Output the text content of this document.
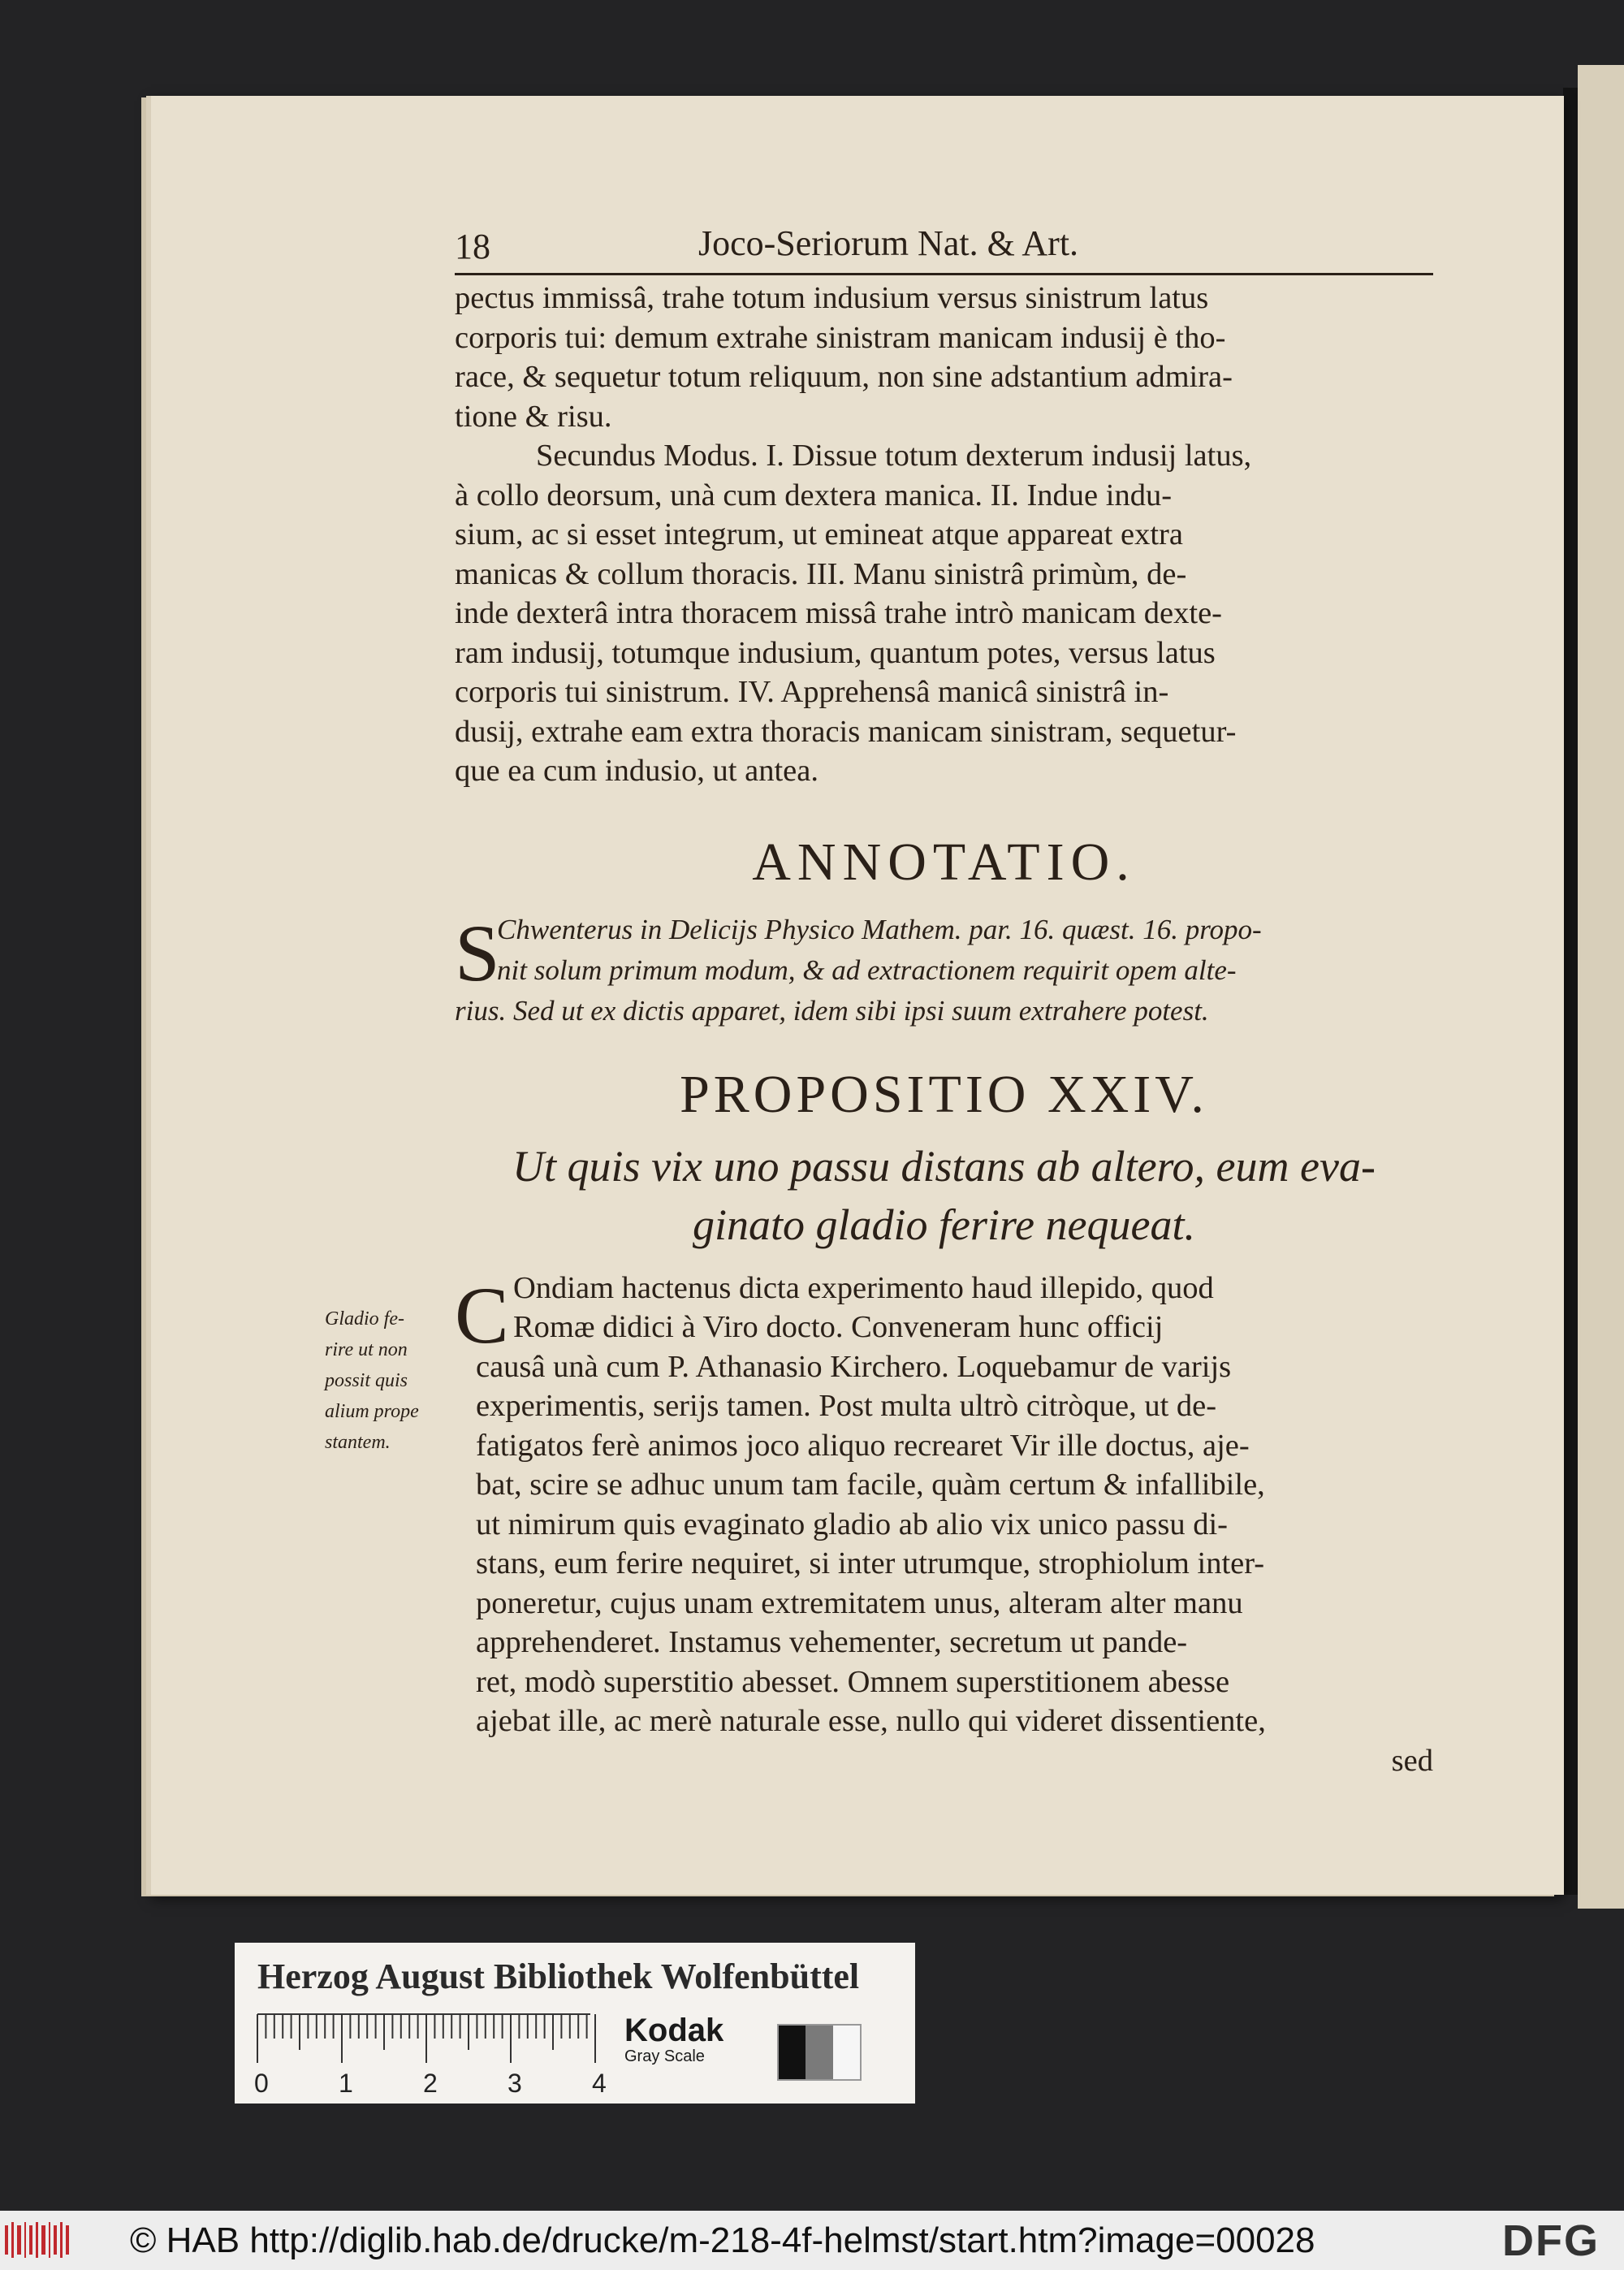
18	Joco-Seriorum Nat. & Art.

pectus immissâ, trahe totum indusium versus sinistrum latus
corporis tui: demum extrahe sinistram manicam indusij è tho-
race, & sequetur totum reliquum, non sine adstantium admira-
tione & risu.

Secundus Modus. I. Dissue totum dexterum indusij latus,
à collo deorsum, unà cum dextera manica. II. Indue indu-
sium, ac si esset integrum, ut emineat atque appareat extra
manicas & collum thoracis. III. Manu sinistrâ primùm, de-
inde dexterâ intra thoracem missâ trahe intrò manicam dexte-
ram indusij, totumque indusium, quantum potes, versus latus
corporis tui sinistrum. IV. Apprehensâ manicâ sinistrâ in-
dusij, extrahe eam extra thoracis manicam sinistram, sequetur-
que ea cum indusio, ut antea.

ANNOTATIO.
S
Chwenterus in Delicijs Physico Mathem. par. 16. quæst. 16. propo-
nit solum primum modum, & ad extractionem requirit opem alte-
rius. Sed ut ex dictis apparet, idem sibi ipsi suum extrahere potest.
PROPOSITIO XXIV.
Ut quis vix uno passu distans ab altero, eum eva-
ginato gladio ferire nequeat.
C Ondiam hactenus dicta experimento haud illepido, quod
Romæ didici à Viro docto. Conveneram hunc officij
causâ unà cum P. Athanasio Kirchero. Loquebamur de varijs
experimentis, serijs tamen. Post multa ultrò citròque, ut de-
fatigatos ferè animos joco aliquo recrearet Vir ille doctus, aje-
bat, scire se adhuc unum tam facile, quàm certum & infallibile,
ut nimirum quis evaginato gladio ab alio vix unico passu di-
stans, eum ferire nequiret, si inter utrumque, strophiolum inter-
poneretur, cujus unam extremitatem unus, alteram alter manu
apprehenderet. Instamus vehementer, secretum ut pande-
ret, modò superstitio abesset. Omnem superstitionem abesse
ajebat ille, ac merè naturale esse, nullo qui videret dissentiente,
sed
Gladio fe-
rire ut non
possit quis
alium prope
stantem.
Herzog August Bibliothek Wolfenbüttel
0	1	2	3	4
Kodak
Gray Scale
© HAB http://diglib.hab.de/drucke/m-218-4f-helmst/start.htm?image=00028	DFG
